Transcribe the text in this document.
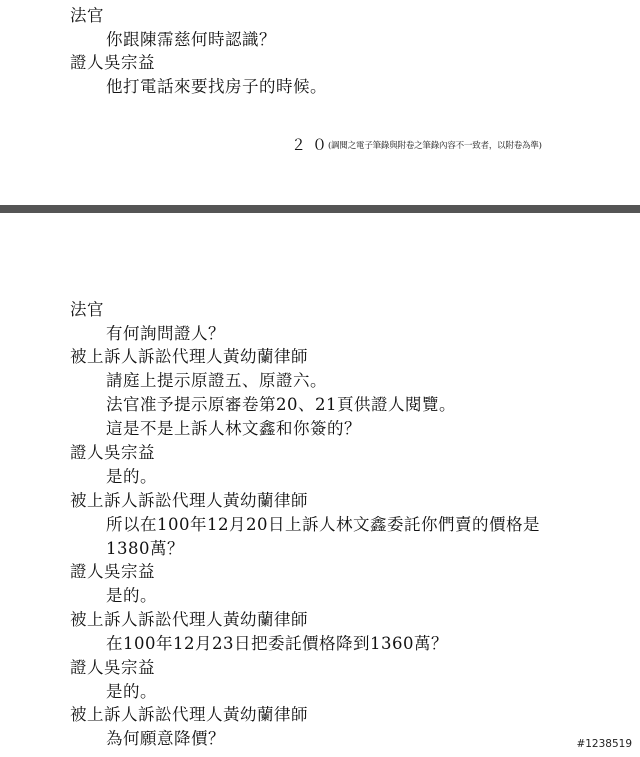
法官
你跟陳霈慈何時認識？
證人吳宗益
他打電話來要找房子的時候。
２０
(調閱之電子筆錄與附卷之筆錄內容不一致者，以附卷為準)
法官
有何詢問證人？
被上訴人訴訟代理人黃幼蘭律師
請庭上提示原證五、原證六。
法官准予提示原審卷第20、21頁供證人閱覽。
這是不是上訴人林文鑫和你簽的？
證人吳宗益
是的。
被上訴人訴訟代理人黃幼蘭律師
所以在100年12月20日上訴人林文鑫委託你們賣的價格是
1380萬？
證人吳宗益
是的。
被上訴人訴訟代理人黃幼蘭律師
在100年12月23日把委託價格降到1360萬？
證人吳宗益
是的。
被上訴人訴訟代理人黃幼蘭律師
為何願意降價？	#1238519
